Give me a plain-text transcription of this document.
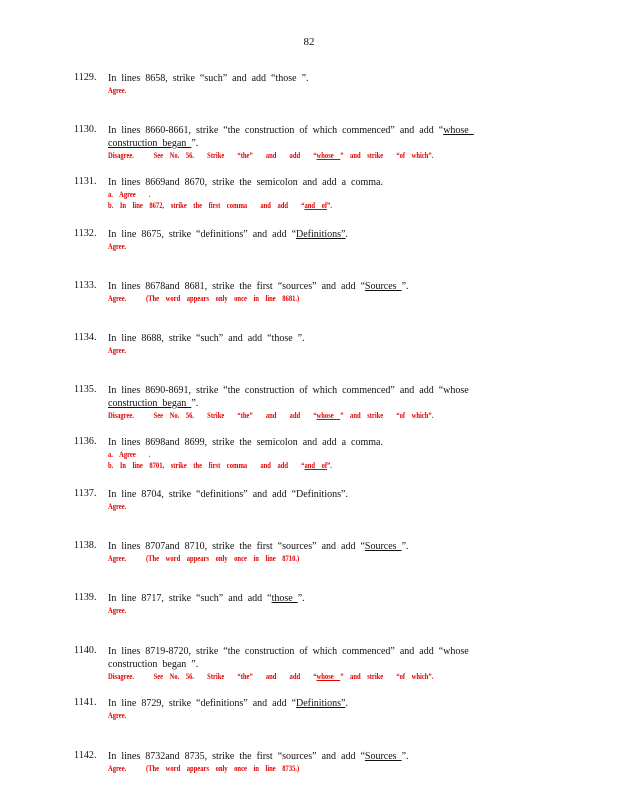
82
1129. In lines 8658, strike “such” and add “those ”.
Agree.
1130. In lines 8660-8661, strike “the construction of which commenced” and add “whose
construction began ”.
Disagree.   See No. 56.  Strike  “the”  and  add  “whose ” and strike  “of which”.
1131. In lines 8669and 8670, strike the semicolon and add a comma.
a. Agree  .
b. In line 8672, strike the first comma  and add  “and of”.
1132. In line 8675, strike “definitions” and add “Definitions”.
Agree.
1133. In lines 8678and 8681, strike the first “sources” and add “Sources ”.
Agree.   (The word appears only once in line 8681.)
1134. In line 8688, strike “such” and add “those ”.
Agree.
1135. In lines 8690-8691, strike “the construction of which commenced” and add “whose
construction began ”.
Disagree.   See No. 56.  Strike  “the”  and  add  “whose ” and strike  “of which”.
1136. In lines 8698and 8699, strike the semicolon and add a comma.
a. Agree  .
b. In line 8701, strike the first comma  and add  “and of”.
1137. In line 8704, strike “definitions” and add “Definitions”.
Agree.
1138. In lines 8707and 8710, strike the first “sources” and add “Sources ”.
Agree.   (The word appears only once in line 8710.)
1139. In line 8717, strike “such” and add “those ”.
Agree.
1140. In lines 8719-8720, strike “the construction of which commenced” and add “whose
construction began ”.
Disagree.   See No. 56.  Strike  “the”  and  add  “whose ” and strike  “of which”.
1141. In line 8729, strike “definitions” and add “Definitions”.
Agree.
1142. In lines 8732and 8735, strike the first “sources” and add “Sources ”.
Agree.   (The word appears only once in line 8735.)
